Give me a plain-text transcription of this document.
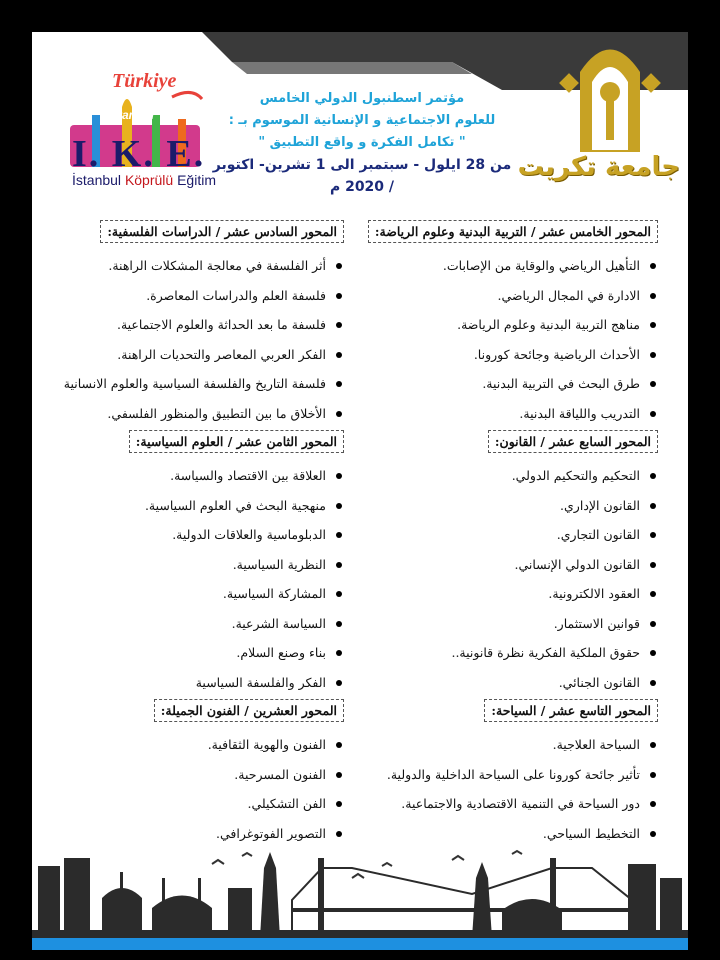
Türkiye
İstanbul
I. K. E.
İstanbul Köprülü Eğitim	جامعة تكريت
مؤتمر اسطنبول الدولي الخامس
للعلوم الاجتماعية و الإنسانية الموسوم بـ :
" تكامل الفكرة و واقع التطبيق "
من 28 ايلول - سبتمبر الى 1 تشرين- اكتوبر / 2020 م
المحور الخامس عشر / التربية البدنية وعلوم الرياضة:
التأهيل الرياضي والوقاية من الإصابات.
الادارة في المجال الرياضي.
مناهج التربية البدنية وعلوم الرياضة.
الأحداث الرياضية وجائحة كورونا.
طرق البحث في التربية البدنية.
التدريب واللياقة البدنية.
المحور السابع عشر / القانون:
التحكيم والتحكيم الدولي.
القانون الإداري.
القانون التجاري.
القانون الدولي الإنساني.
العقود الالكترونية.
قوانين الاستثمار.
حقوق الملكية الفكرية نظرة قانونية..
القانون الجنائي.
المحور التاسع عشر / السياحة:
السياحة العلاجية.
تأثير جائحة كورونا على السياحة الداخلية والدولية.
دور السياحة في التنمية الاقتصادية والاجتماعية.
التخطيط السياحي.
المحور السادس عشر / الدراسات الفلسفية:
أثر الفلسفة في معالجة المشكلات الراهنة.
فلسفة العلم والدراسات المعاصرة.
فلسفة ما بعد الحداثة والعلوم الاجتماعية.
الفكر العربي المعاصر والتحديات الراهنة.
فلسفة التاريخ والفلسفة السياسية والعلوم الانسانية
الأخلاق ما بين التطبيق والمنظور الفلسفي.
المحور الثامن عشر / العلوم السياسية:
العلاقة بين الاقتصاد والسياسة.
منهجية البحث في العلوم السياسية.
الدبلوماسية والعلاقات الدولية.
النظرية السياسية.
المشاركة السياسية.
السياسة الشرعية.
بناء وصنع السلام.
الفكر والفلسفة السياسية
المحور العشرين / الفنون الجميلة:
الفنون والهوية الثقافية.
الفنون المسرحية.
الفن التشكيلي.
التصوير الفوتوغرافي.
